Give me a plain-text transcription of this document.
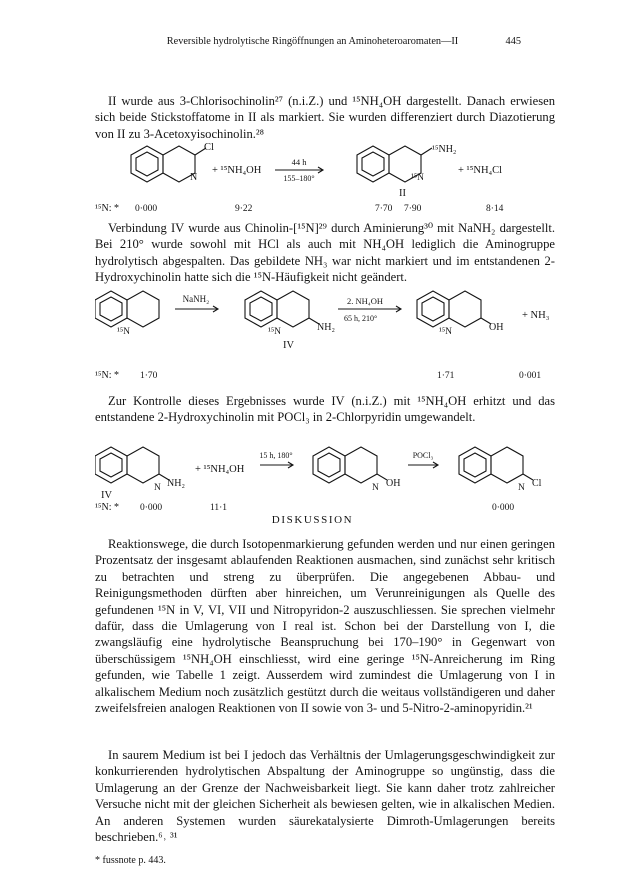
Reversible hydrolytische Ringöffnungen an Aminoheteroaromaten—II	445

II wurde aus 3-Chlorisochinolin²⁷ (n.i.Z.) und ¹⁵NH₄OH dargestellt. Danach erwiesen sich beide Stickstoffatome in II als markiert. Sie wurden differenziert durch Diazotierung von II zu 3-Acetoxyisochinolin.²⁸

Cl
N
+ ¹⁵NH₄OH
44 h
155–180°
¹⁵NH₂
¹⁵N
+ ¹⁵NH₄Cl
II
¹⁵N: * 0·000	9·22	7·70 7·90	8·14

Verbindung IV wurde aus Chinolin-[¹⁵N]²⁹ durch Aminierung³⁰ mit NaNH₂ dargestellt. Bei 210° wurde sowohl mit HCl als auch mit NH₄OH lediglich die Aminogruppe hydrolytisch abgespalten. Das gebildete NH₃ war nicht markiert und im entstandenen 2-Hydroxychinolin hatte sich die ¹⁵N-Häufigkeit nicht geändert.

¹⁵N
NaNH₂
¹⁵N	NH₂
2. NH₄OH
65 h, 210°
IV
¹⁵N	OH
+ NH₃
¹⁵N: * 1·70	1·71	0·001

Zur Kontrolle dieses Ergebnisses wurde IV (n.i.Z.) mit ¹⁵NH₄OH erhitzt und das entstandene 2-Hydroxychinolin mit POCl₃ in 2-Chlorpyridin umgewandelt.

N NH₂
+ ¹⁵NH₄OH
15 h, 180°
N OH
POCl₃
N Cl
IV
¹⁵N: * 0·000	11·1	0·000
DISKUSSION

Reaktionswege, die durch Isotopenmarkierung gefunden werden und nur einen geringen Prozentsatz der insgesamt ablaufenden Reaktionen ausmachen, sind zunächst sehr kritisch zu betrachten und streng zu überprüfen. Die angegebenen Abbau- und Reinigungsmethoden dürften aber hinreichen, um Verunreinigungen als Quelle des gefundenen ¹⁵N in V, VI, VII und Nitropyridon-2 auszuschliessen. Sie sprechen vielmehr dafür, dass die Umlagerung von I real ist. Schon bei der Darstellung von I, die zwangsläufig eine hydrolytische Beanspruchung bei 170–190° in Gegenwart von überschüssigem ¹⁵NH₄OH einschliesst, wird eine geringe ¹⁵N-Anreicherung im Ring gefunden, wie Tabelle 1 zeigt. Ausserdem wird zumindest die Umlagerung von I in alkalischem Medium noch zusätzlich gestützt durch die weitaus vollständigeren und daher zweifelsfreien analogen Reaktionen von II sowie von 3- und 5-Nitro-2-aminopyridin.²¹

In saurem Medium ist bei I jedoch das Verhältnis der Umlagerungsgeschwindigkeit zur konkurrierenden hydrolytischen Abspaltung der Aminogruppe so ungünstig, dass die Umlagerung an der Grenze der Nachweisbarkeit liegt. Sie kann daher trotz zahlreicher Versuche nicht mit der gleichen Sicherheit als bewiesen gelten, wie in alkalischen Medien. An anderen Systemen wurden säurekatalysierte Dimroth-Umlagerungen bereits beschrieben.⁶˒ ³¹

* fussnote p. 443.
